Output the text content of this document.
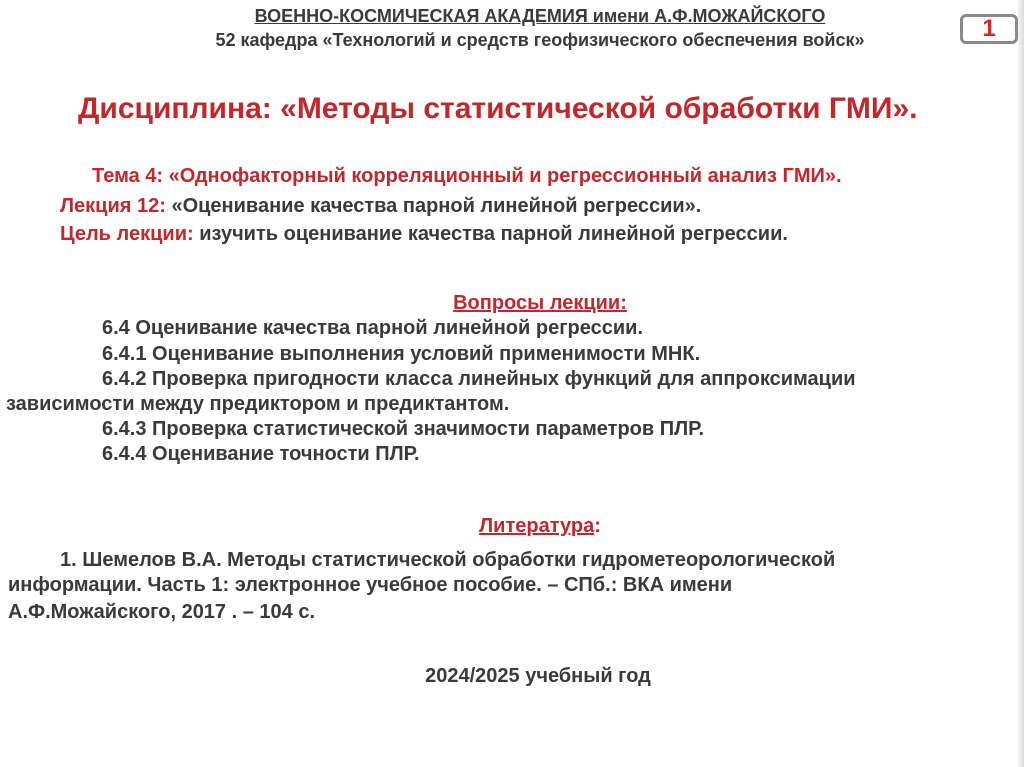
ВОЕННО-КОСМИЧЕСКАЯ АКАДЕМИЯ имени А.Ф.МОЖАЙСКОГО
52 кафедра «Технологий и средств геофизического обеспечения войск»	1
Дисциплина: «Методы статистической обработки ГМИ».
Тема 4: «Однофакторный корреляционный и регрессионный анализ ГМИ».
Лекция 12: «Оценивание качества парной линейной регрессии».
Цель лекции: изучить оценивание качества парной линейной регрессии.
Вопросы лекции:
6.4 Оценивание качества парной линейной регрессии.
6.4.1 Оценивание выполнения условий применимости МНК.
6.4.2 Проверка пригодности класса линейных функций для аппроксимации
зависимости между предиктором и предиктантом.
6.4.3 Проверка статистической значимости параметров ПЛР.
6.4.4 Оценивание точности ПЛР.
Литература:
1. Шемелов В.А. Методы статистической обработки гидрометеорологической
информации. Часть 1: электронное учебное пособие. – СПб.: ВКА имени
А.Ф.Можайского, 2017 . – 104 с.
2024/2025 учебный год
